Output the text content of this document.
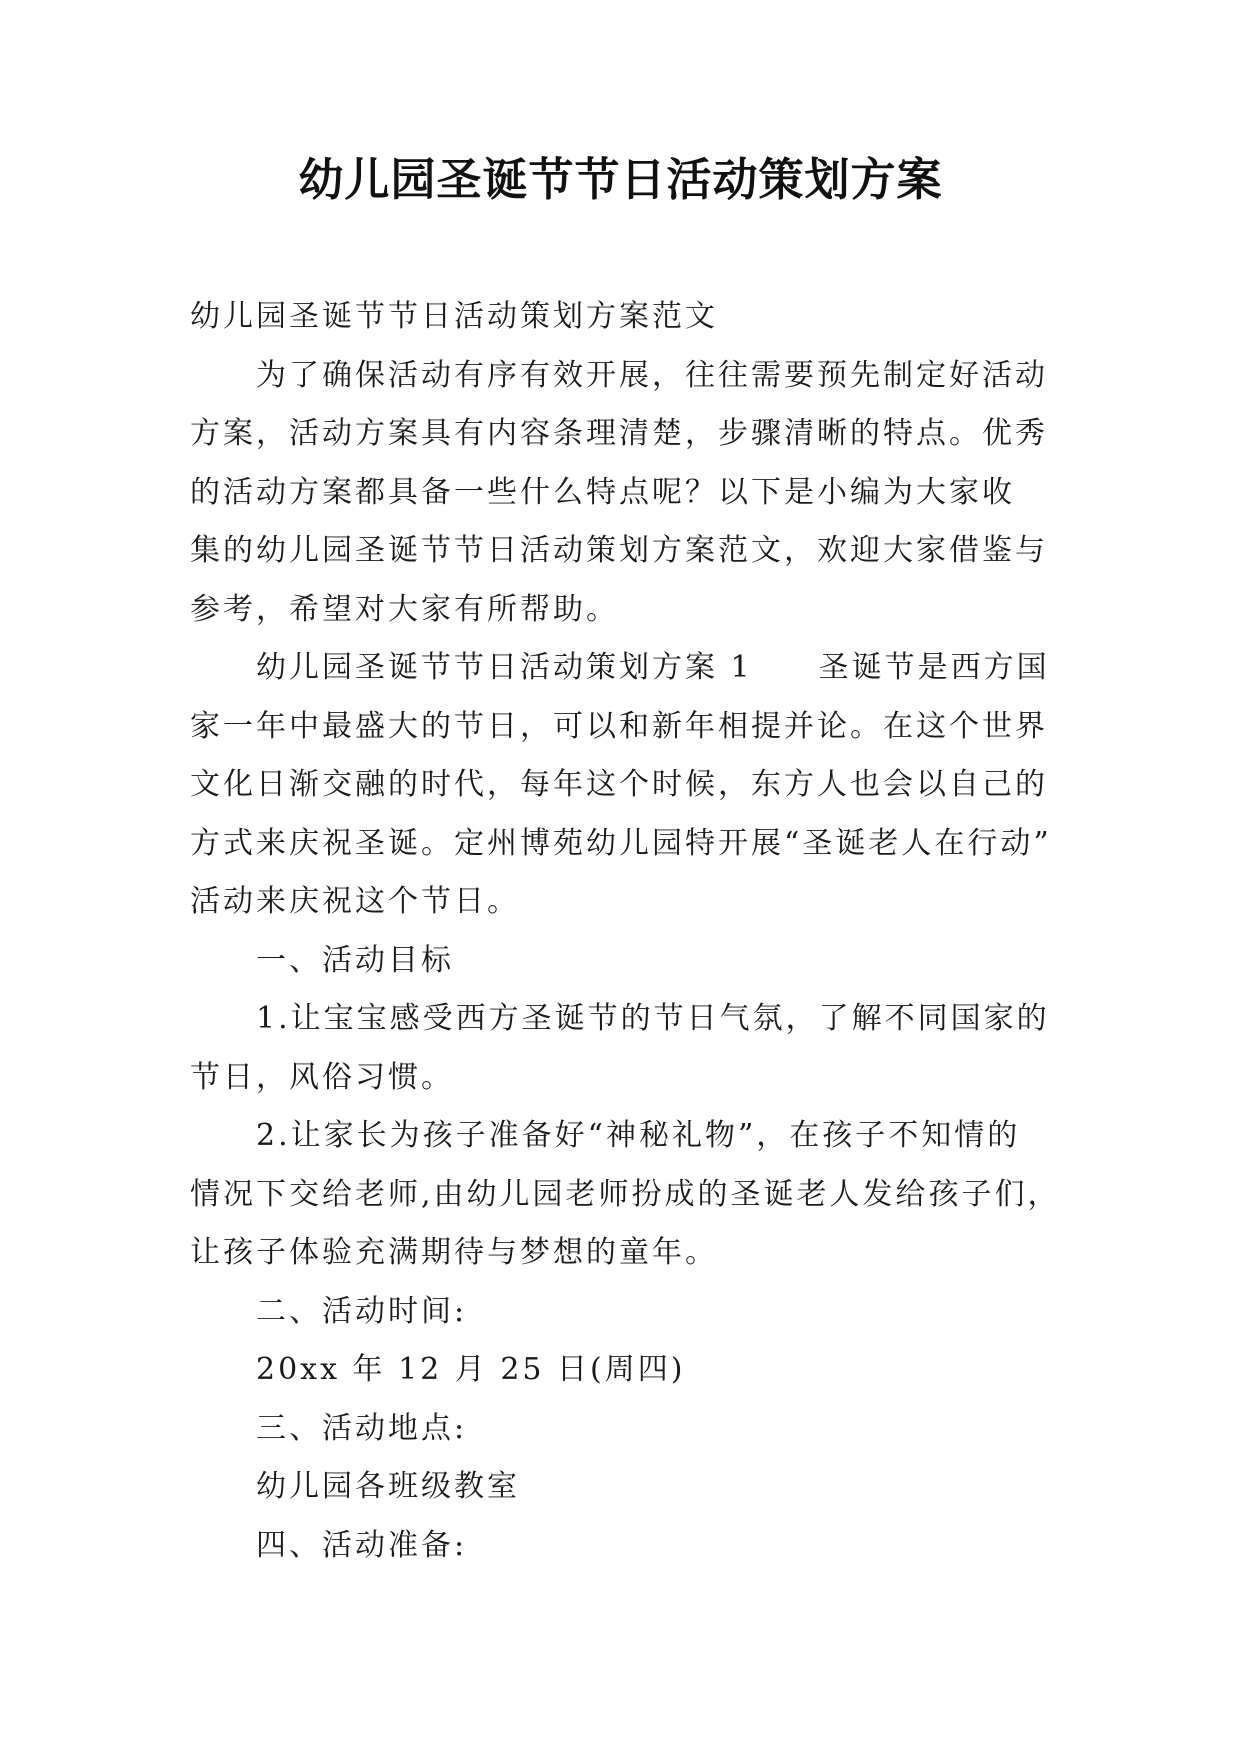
幼儿园圣诞节节日活动策划方案
幼儿园圣诞节节日活动策划方案范文
为了确保活动有序有效开展，往往需要预先制定好活动
方案，活动方案具有内容条理清楚，步骤清晰的特点。优秀
的活动方案都具备一些什么特点呢？以下是小编为大家收
集的幼儿园圣诞节节日活动策划方案范文，欢迎大家借鉴与
参考，希望对大家有所帮助。
幼儿园圣诞节节日活动策划方案 1　　圣诞节是西方国
家一年中最盛大的节日，可以和新年相提并论。在这个世界
文化日渐交融的时代，每年这个时候，东方人也会以自己的
方式来庆祝圣诞。定州博苑幼儿园特开展“圣诞老人在行动”
活动来庆祝这个节日。
一、活动目标
1.让宝宝感受西方圣诞节的节日气氛，了解不同国家的
节日，风俗习惯。
2.让家长为孩子准备好“神秘礼物”，在孩子不知情的
情况下交给老师,由幼儿园老师扮成的圣诞老人发给孩子们，
让孩子体验充满期待与梦想的童年。
二、活动时间:
20xx 年 12 月 25 日(周四)
三、活动地点:
幼儿园各班级教室
四、活动准备:
